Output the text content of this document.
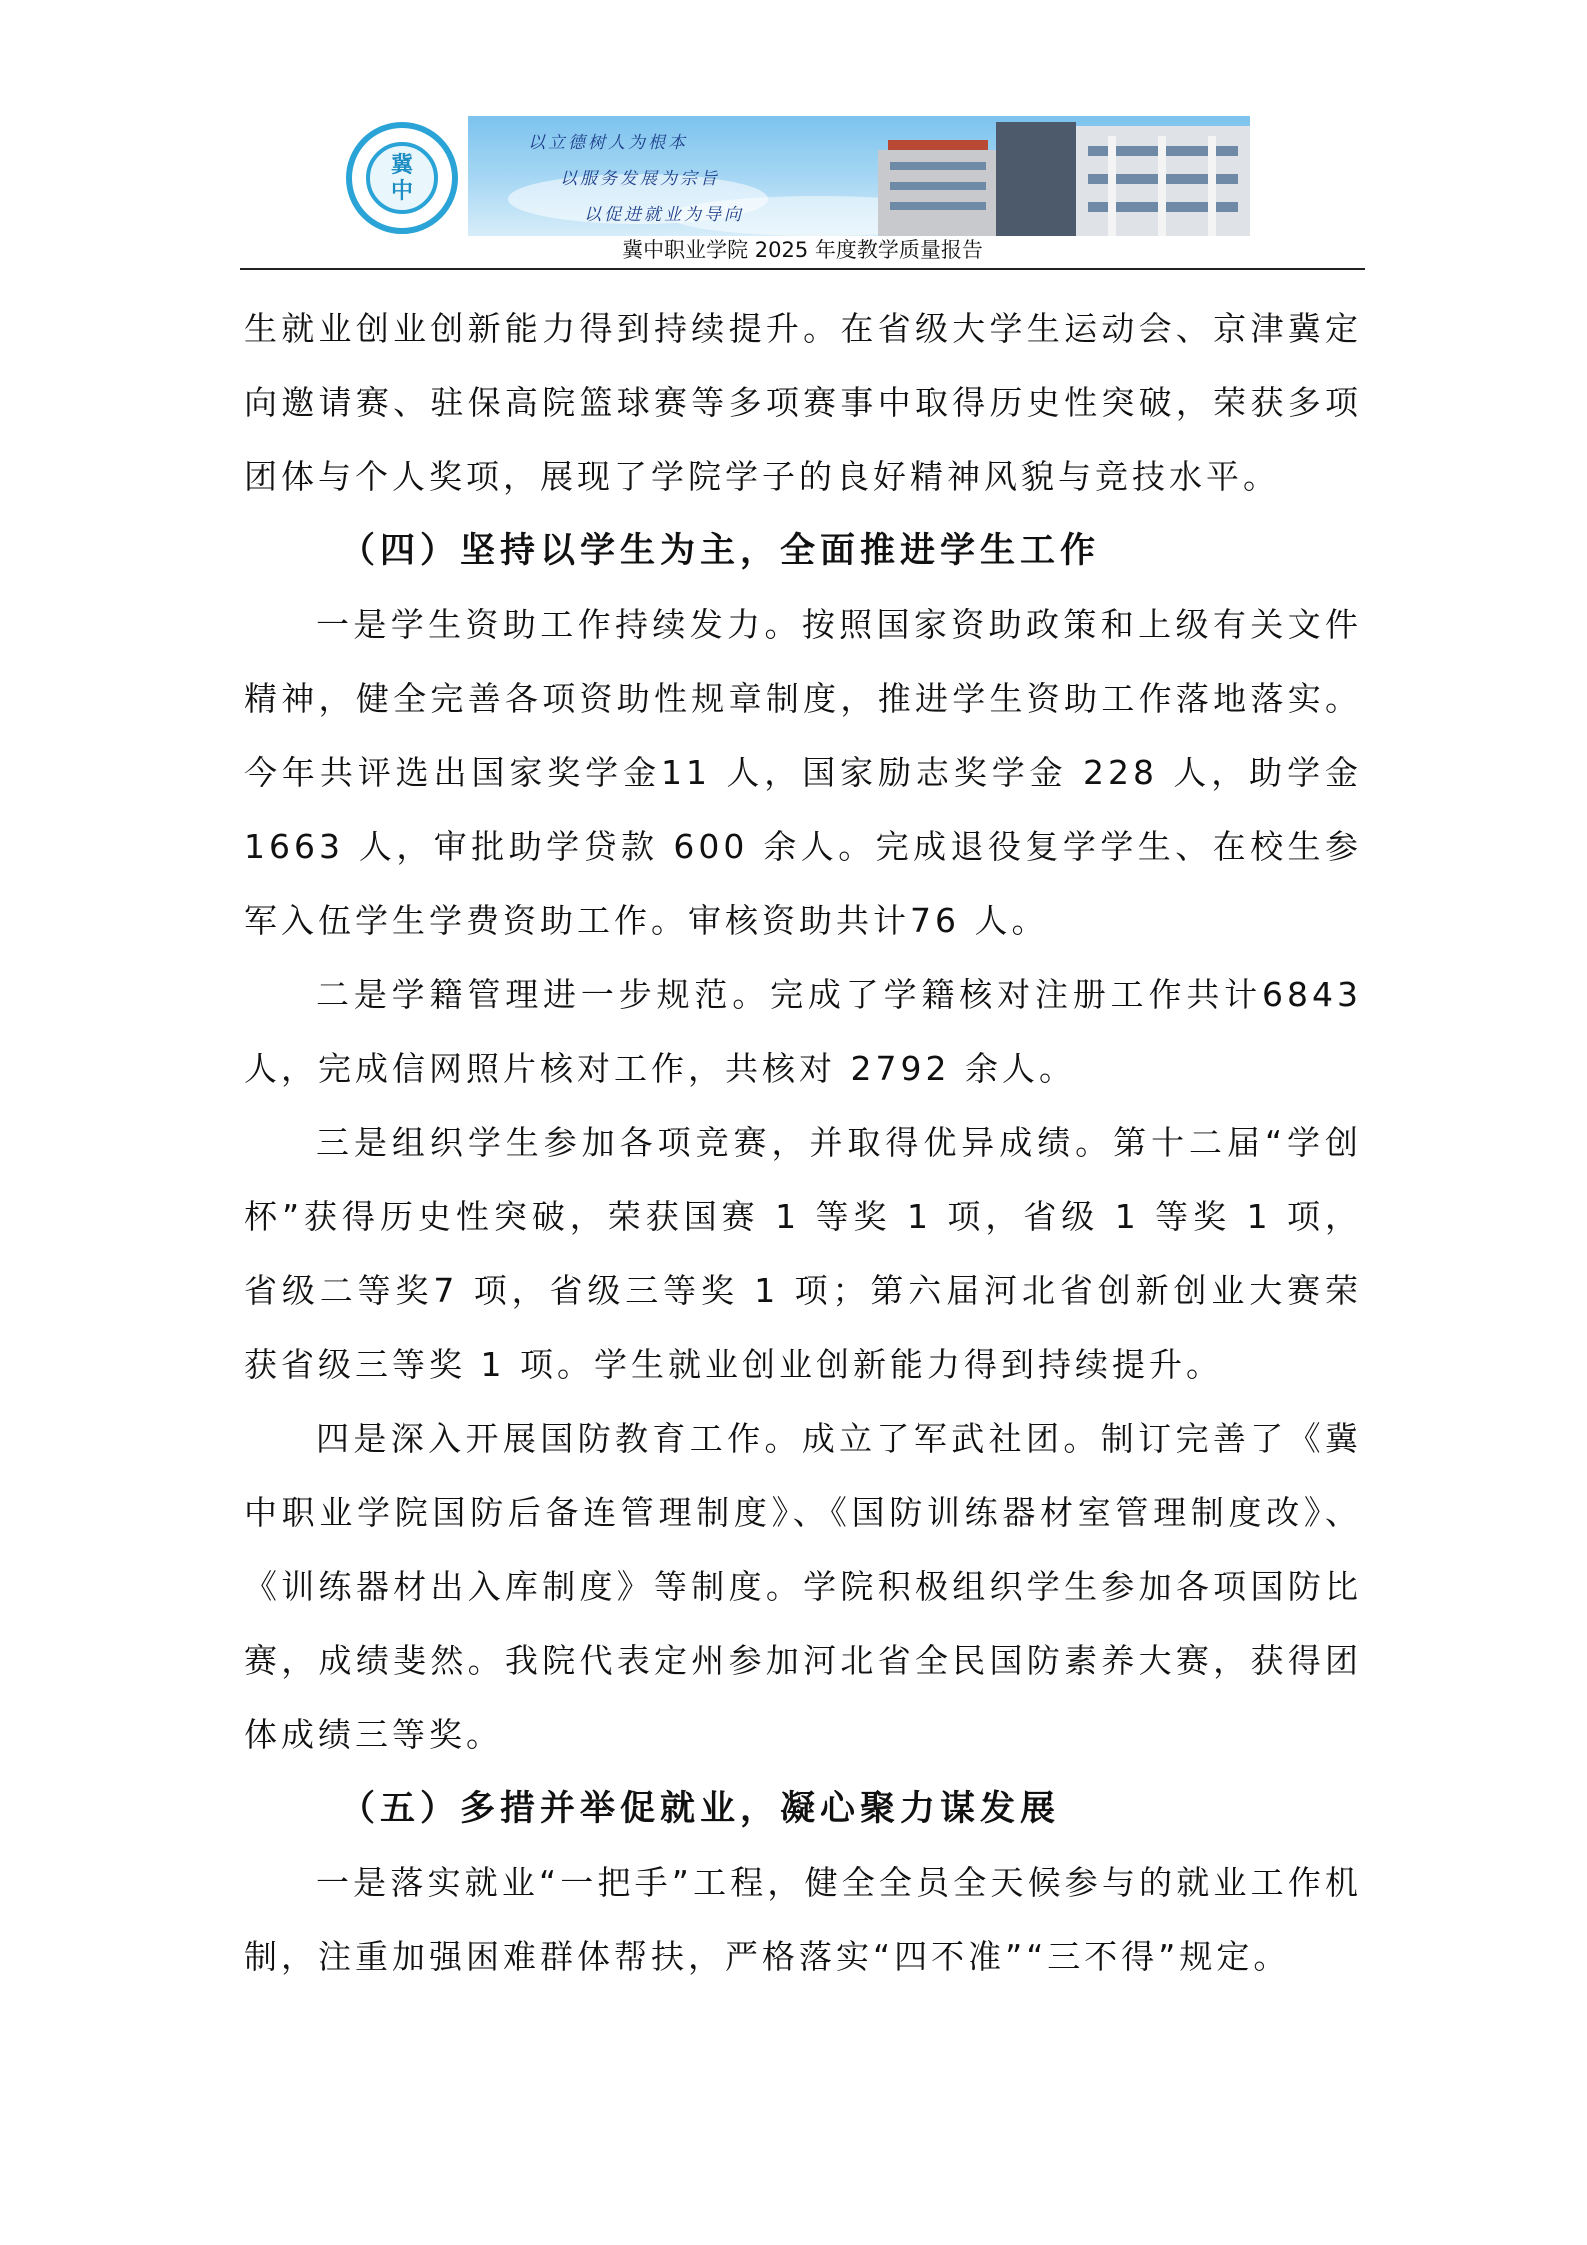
冀
中
以立德树人为根本
以服务发展为宗旨
以促进就业为导向
冀中职业学院 2025 年度教学质量报告

生就业创业创新能力得到持续提升。在省级大学生运动会、京津冀定向邀请赛、驻保高院篮球赛等多项赛事中取得历史性突破，荣获多项团体与个人奖项，展现了学院学子的良好精神风貌与竞技水平。

（四）坚持以学生为主，全面推进学生工作

一是学生资助工作持续发力。按照国家资助政策和上级有关文件精神，健全完善各项资助性规章制度，推进学生资助工作落地落实。今年共评选出国家奖学金11 人，国家励志奖学金 228 人，助学金 1663 人，审批助学贷款 600 余人。完成退役复学学生、在校生参军入伍学生学费资助工作。审核资助共计76 人。

二是学籍管理进一步规范。完成了学籍核对注册工作共计6843 人，完成信网照片核对工作，共核对 2792 余人。

三是组织学生参加各项竞赛，并取得优异成绩。第十二届“学创杯”获得历史性突破，荣获国赛 1 等奖 1 项，省级 1 等奖 1 项，省级二等奖7 项，省级三等奖 1 项；第六届河北省创新创业大赛荣获省级三等奖 1 项。学生就业创业创新能力得到持续提升。

四是深入开展国防教育工作。成立了军武社团。制订完善了《冀中职业学院国防后备连管理制度》、《国防训练器材室管理制度改》、《训练器材出入库制度》等制度。学院积极组织学生参加各项国防比赛，成绩斐然。我院代表定州参加河北省全民国防素养大赛，获得团体成绩三等奖。

（五）多措并举促就业，凝心聚力谋发展

一是落实就业“一把手”工程，健全全员全天候参与的就业工作机制，注重加强困难群体帮扶，严格落实“四不准”“三不得”规定。
